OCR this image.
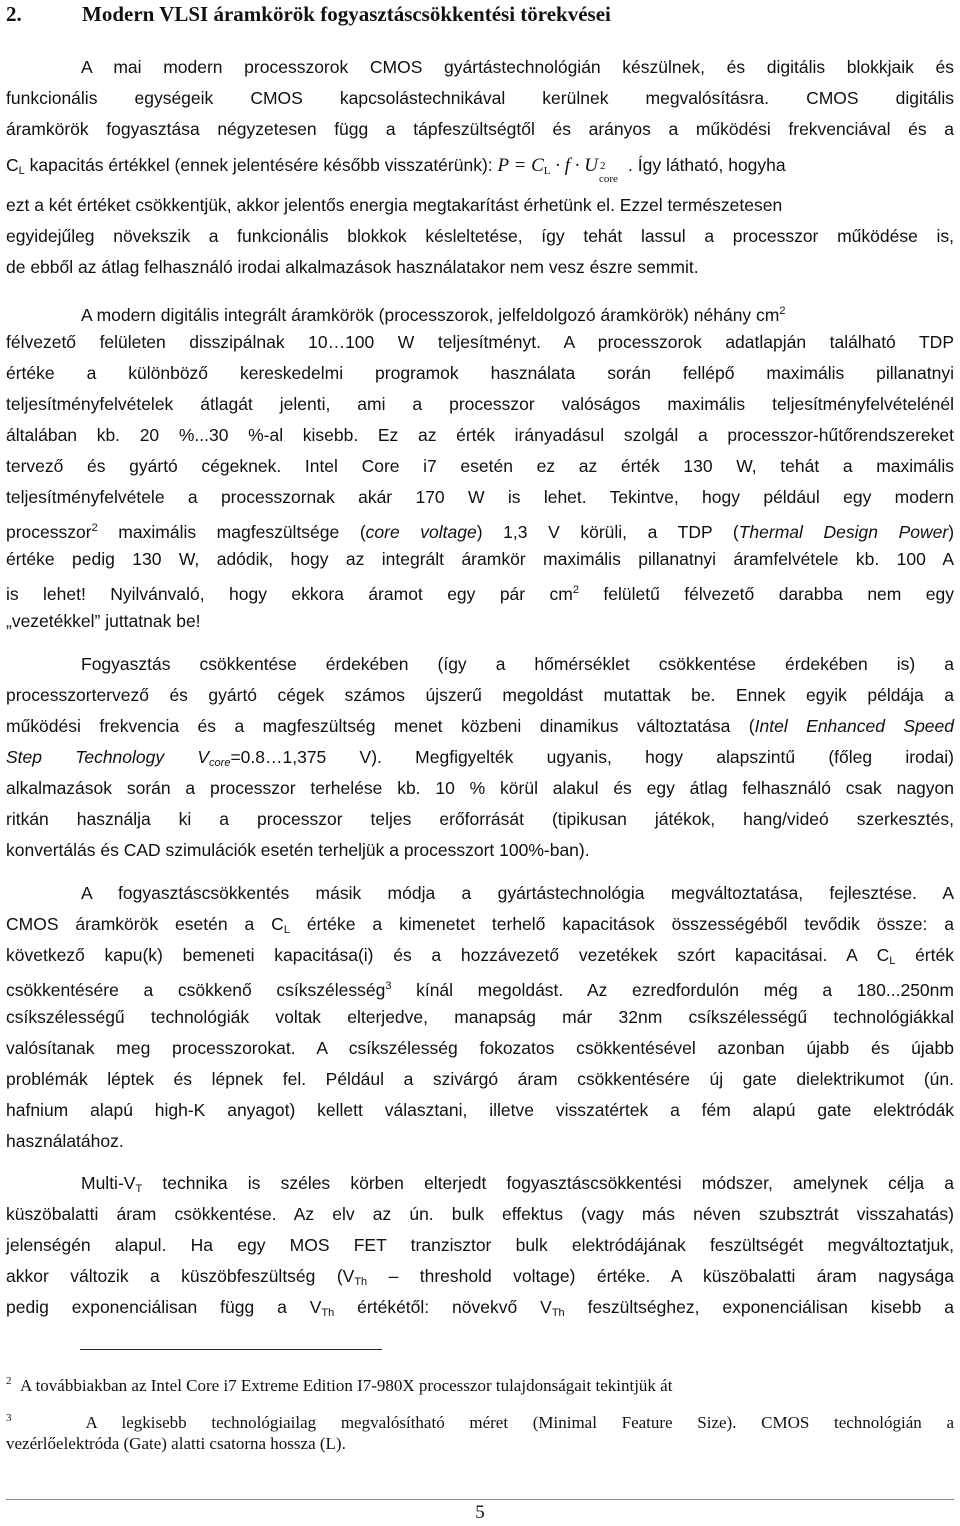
2.	Modern VLSI áramkörök fogyasztáscsökkentési törekvései
A mai modern processzorok CMOS gyártástechnológián készülnek, és digitális blokkjaik és
funkcionális egységeik CMOS kapcsolástechnikával kerülnek megvalósításra. CMOS digitális
áramkörök fogyasztása négyzetesen függ a tápfeszültségtől és arányos a működési frekvenciával és a
$C_L$ kapacitás értékkel (ennek jelentésére később visszatérünk): $P = C_L \cdot f \cdot U$ 2
core
. Így látható, hogyha
ezt a két értéket csökkentjük, akkor jelentős energia megtakarítást érhetünk el. Ezzel természetesen
egyidejűleg növekszik a funkcionális blokkok késleltetése, így tehát lassul a processzor működése is,
de ebből az átlag felhasználó irodai alkalmazások használatakor nem vesz észre semmit.
A modern digitális integrált áramkörök (processzorok, jelfeldolgozó áramkörök) néhány $cm^2$
félvezető felületen disszipálnak 10…100 W teljesítményt. A processzorok adatlapján található TDP
értéke a különböző kereskedelmi programok használata során fellépő maximális pillanatnyi
teljesítményfelvételek átlagát jelenti, ami a processzor valóságos maximális teljesítményfelvételénél
általában kb. 20 %...30 %-al kisebb. Ez az érték irányadásul szolgál a processzor-hűtőrendszereket
tervező és gyártó cégeknek. Intel Core i7 esetén ez az érték 130 W, tehát a maximális
teljesítményfelvétele a processzornak akár 170 W is lehet. Tekintve, hogy például egy modern
processzor$^2$ maximális magfeszültsége (core voltage) 1,3 V körüli, a TDP (Thermal Design Power)
értéke pedig 130 W, adódik, hogy az integrált áramkör maximális pillanatnyi áramfelvétele kb. 100 A
is lehet! Nyilvánvaló, hogy ekkora áramot egy pár $cm^2$ felületű félvezető darabba nem egy
„vezetékkel” juttatnak be!
Fogyasztás csökkentése érdekében (így a hőmérséklet csökkentése érdekében is) a
processzortervező és gyártó cégek számos újszerű megoldást mutattak be. Ennek egyik példája a
működési frekvencia és a magfeszültség menet közbeni dinamikus változtatása (Intel Enhanced Speed
Step Technology $V_{core}=0.8\dots 1,375$ V). Megfigyelték ugyanis, hogy alapszintű (főleg irodai)
alkalmazások során a processzor terhelése kb. 10 % körül alakul és egy átlag felhasználó csak nagyon
ritkán használja ki a processzor teljes erőforrását (tipikusan játékok, hang/videó szerkesztés,
konvertálás és CAD szimulációk esetén terheljük a processzort 100%-ban).
A fogyasztáscsökkentés másik módja a gyártástechnológia megváltoztatása, fejlesztése. A
CMOS áramkörök esetén a $C_L$ értéke a kimenetet terhelő kapacitások összességéből tevődik össze: a
következő kapu(k) bemeneti kapacitása(i) és a hozzávezető vezetékek szórt kapacitásai. A $C_L$ érték
csökkentésére a csökkenő csíkszélesség$^3$ kínál megoldást. Az ezredfordulón még a 180...250nm
csíkszélességű technológiák voltak elterjedve, manapság már 32nm csíkszélességű technológiákkal
valósítanak meg processzorokat. A csíkszélesség fokozatos csökkentésével azonban újabb és újabb
problémák léptek és lépnek fel. Például a szivárgó áram csökkentésére új gate dielektrikumot (ún.
hafnium alapú high-K anyagot) kellett választani, illetve visszatértek a fém alapú gate elektródák
használatához.
Multi-$V_T$ technika is széles körben elterjedt fogyasztáscsökkentési módszer, amelynek célja a
küszöbalatti áram csökkentése. Az elv az ún. bulk effektus (vagy más néven szubsztrát visszahatás)
jelenségén alapul. Ha egy MOS FET tranzisztor bulk elektródájának feszültségét megváltoztatjuk,
akkor változik a küszöbfeszültség ($V_{Th}$ – threshold voltage) értéke. A küszöbalatti áram nagysága
pedig exponenciálisan függ a $V_{Th}$ értékétől: növekvő $V_{Th}$ feszültséghez, exponenciálisan kisebb a
$^2$ A továbbiakban az Intel Core i7 Extreme Edition I7-980X processzor tulajdonságait tekintjük át
$^3$	A legkisebb technológiailag megvalósítható méret (Minimal Feature Size). CMOS technológián a
vezérlőelektróda (Gate) alatti csatorna hossza (L).
5
